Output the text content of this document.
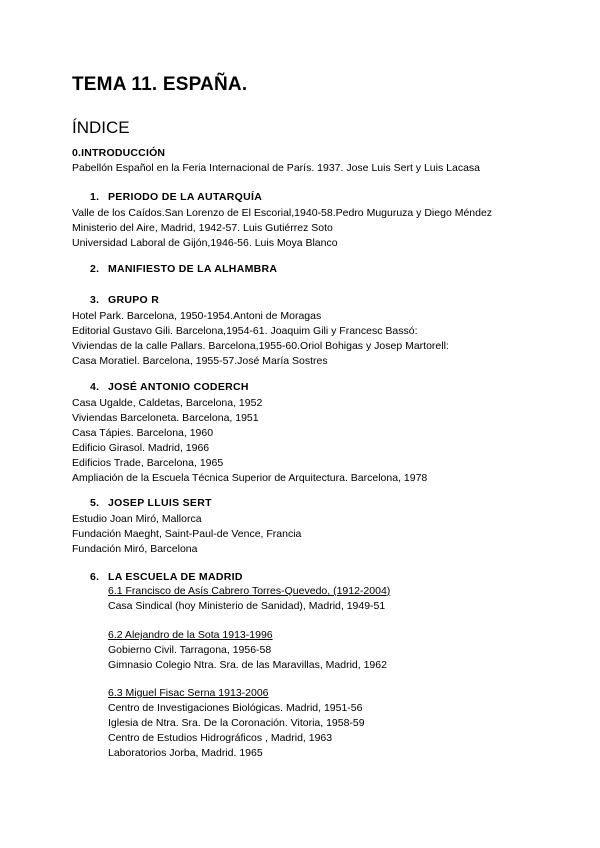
TEMA 11. ESPAÑA.
ÍNDICE

0.INTRODUCCIÓN

Pabellón Español en la Feria Internacional de París. 1937. Jose Luis Sert y Luis Lacasa

1. PERIODO DE LA AUTARQUÍA

Valle de los Caídos.San Lorenzo de El Escorial,1940-58.Pedro Muguruza y Diego Méndez

Ministerio del Aire, Madrid, 1942-57. Luis Gutiérrez Soto

Universidad Laboral de Gijón,1946-56. Luis Moya Blanco

2. MANIFIESTO DE LA ALHAMBRA

3. GRUPO R

Hotel Park. Barcelona, 1950-1954.Antoni de Moragas

Editorial Gustavo Gili. Barcelona,1954-61. Joaquim Gili y Francesc Bassó:

Viviendas de la calle Pallars. Barcelona,1955-60.Oriol Bohigas y Josep Martorell:

Casa Moratiel. Barcelona, 1955-57.José María Sostres

4. JOSÉ ANTONIO CODERCH

Casa Ugalde, Caldetas, Barcelona, 1952

Viviendas Barceloneta. Barcelona, 1951

Casa Tápies. Barcelona, 1960

Edificio Girasol. Madrid, 1966

Edificios Trade, Barcelona, 1965

Ampliación de la Escuela Técnica Superior de Arquitectura. Barcelona, 1978

5. JOSEP LLUIS SERT

Estudio Joan Miró, Mallorca

Fundación Maeght, Saint-Paul-de Vence, Francia

Fundación Miró, Barcelona

6. LA ESCUELA DE MADRID

6.1 Francisco de Asís Cabrero Torres-Quevedo, (1912-2004)

Casa Sindical (hoy Ministerio de Sanidad), Madrid, 1949-51

6.2 Alejandro de la Sota 1913-1996

Gobierno Civil. Tarragona, 1956-58

Gimnasio Colegio Ntra. Sra. de las Maravillas, Madrid, 1962

6.3 Miguel Fisac Serna 1913-2006

Centro de Investigaciones Biológicas. Madrid, 1951-56

Iglesia de Ntra. Sra. De la Coronación. Vitoria, 1958-59

Centro de Estudios Hidrográficos , Madrid, 1963

Laboratorios Jorba, Madrid. 1965
